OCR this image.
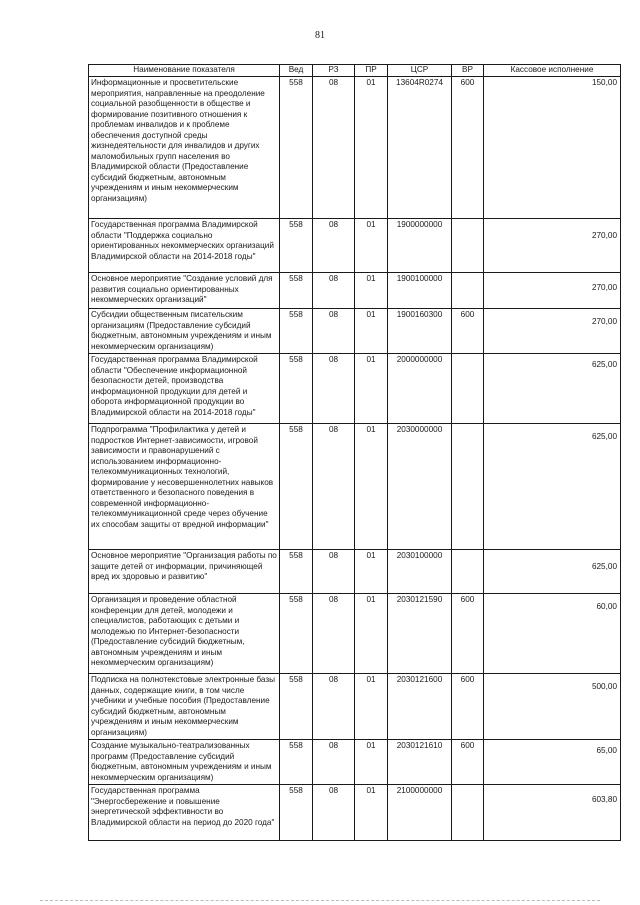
81
Наименование показателя	Вед	РЗ	ПР	ЦСР	ВР	Кассовое исполнение
Информационные и просветительские мероприятия, направленные на преодоление социальной разобщенности в обществе и формирование позитивного отношения к проблемам инвалидов и к проблеме обеспечения доступной среды жизнедеятельности для инвалидов и других маломобильных групп населения во Владимирской области (Предоставление субсидий бюджетным, автономным учреждениям и иным некоммерческим организациям)	558	08	01	13604R0274	600	150,00
Государственная программа Владимирской области "Поддержка социально ориентированных некоммерческих организаций Владимирской области на 2014-2018 годы"	558	08	01	1900000000		270,00
Основное мероприятие "Создание условий для развития социально ориентированных некоммерческих организаций"	558	08	01	1900100000		270,00
Субсидии общественным писательским организациям (Предоставление субсидий бюджетным, автономным учреждениям и иным некоммерческим организациям)	558	08	01	1900160300	600	270,00
Государственная программа Владимирской области "Обеспечение информационной безопасности детей, производства информационной продукции для детей и оборота информационной продукции во Владимирской области на 2014-2018 годы"	558	08	01	2000000000		625,00
Подпрограмма "Профилактика у детей и подростков Интернет-зависимости, игровой зависимости и правонарушений с использованием информационно-телекоммуникационных технологий, формирование у несовершеннолетних навыков ответственного и безопасного поведения в современной информационно-телекоммуникационной среде через обучение их способам защиты от вредной информации"	558	08	01	2030000000		625,00
Основное мероприятие "Организация работы по защите детей от информации, причиняющей вред их здоровью и развитию"	558	08	01	2030100000		625,00
Организация и проведение областной конференции для детей, молодежи и специалистов, работающих с детьми и молодежью по Интернет-безопасности (Предоставление субсидий бюджетным, автономным учреждениям и иным некоммерческим организациям)	558	08	01	2030121590	600	60,00
Подписка на полнотекстовые электронные базы данных, содержащие книги, в том числе учебники и учебные пособия (Предоставление субсидий бюджетным, автономным учреждениям и иным некоммерческим организациям)	558	08	01	2030121600	600	500,00
Создание музыкально-театрализованных программ (Предоставление субсидий бюджетным, автономным учреждениям и иным некоммерческим организациям)	558	08	01	2030121610	600	65,00
Государственная программа "Энергосбережение и повышение энергетической эффективности во Владимирской области на период до 2020 года"	558	08	01	2100000000		603,80
